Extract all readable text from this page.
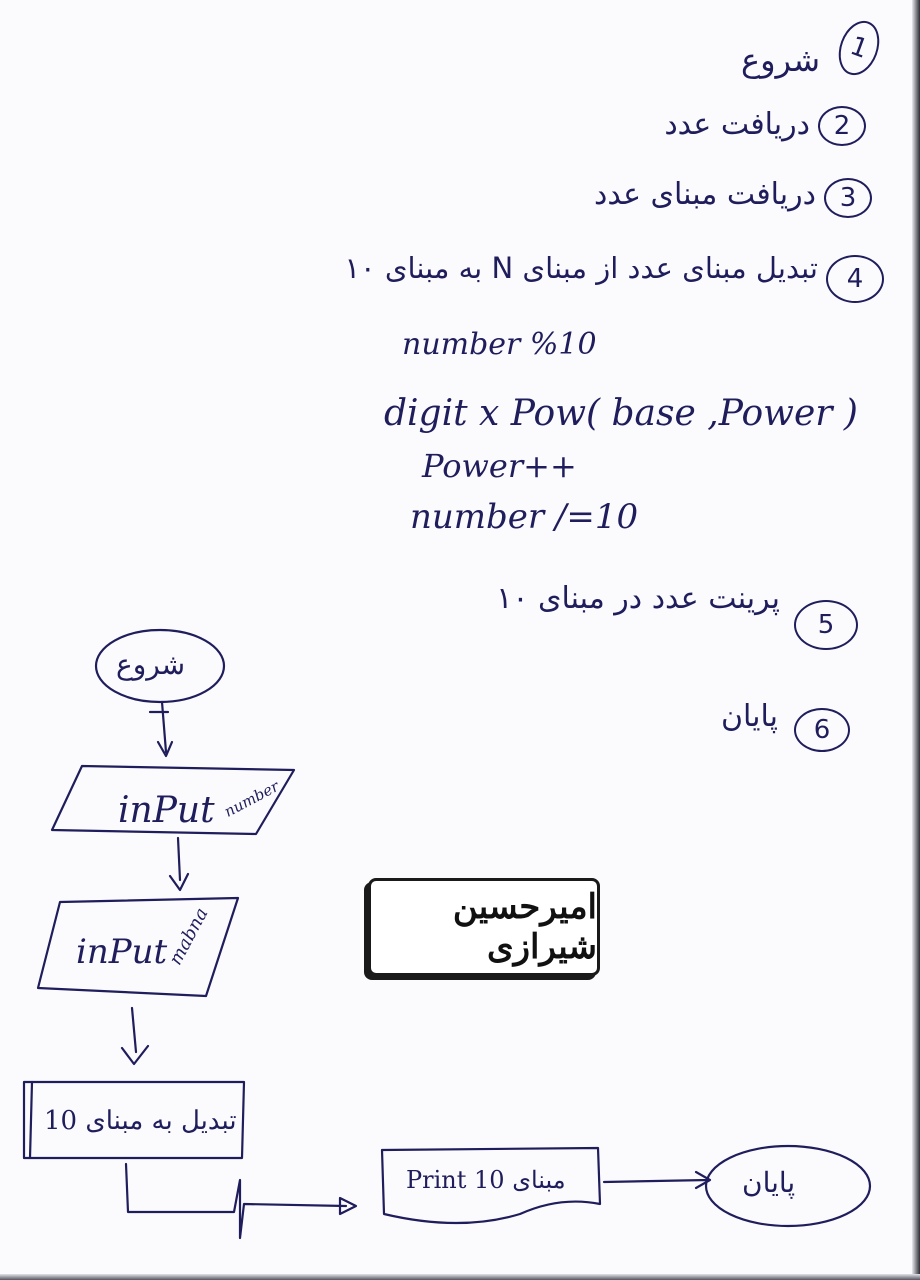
1
شروع
2
دریافت عدد
3
دریافت مبنای عدد
4
تبدیل مبنای عدد از مبنای N به مبنای ۱۰
number %10
digit x Pow( base ,Power )
Power++
number /=10
5
پرینت عدد در مبنای ۱۰
6
پایان
شروع
inPut number
inPut
mabna
تبدیل به مبنای 10
Print 10 مبنای	پایان
امیرحسین شیرازی
